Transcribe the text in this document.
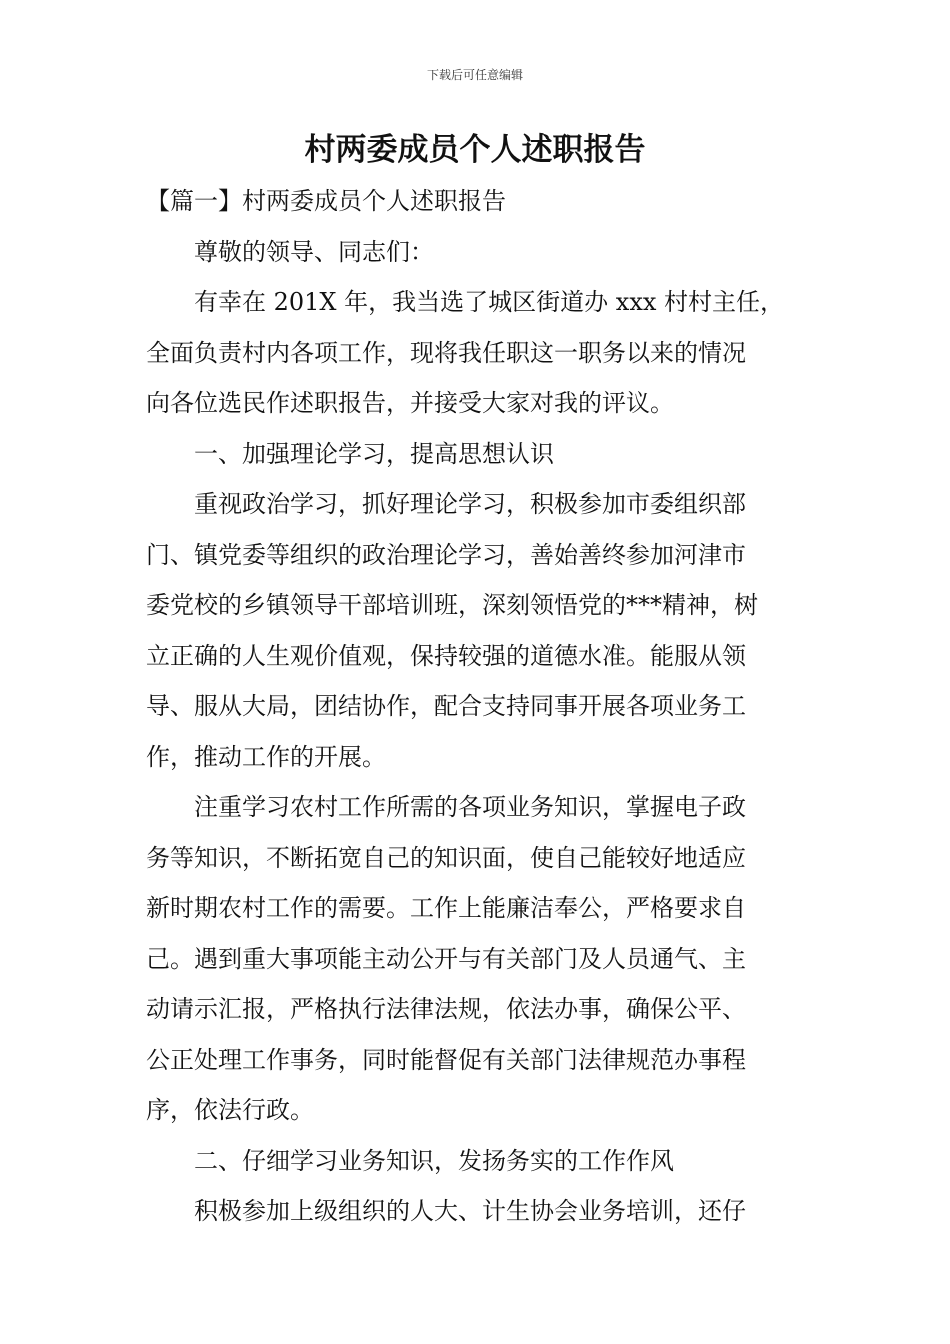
下载后可任意编辑
村两委成员个人述职报告
【篇一】村两委成员个人述职报告
尊敬的领导、同志们：
有幸在 201X 年，我当选了城区街道办 xxx 村村主任，
全面负责村内各项工作，现将我任职这一职务以来的情况
向各位选民作述职报告，并接受大家对我的评议。
一、加强理论学习，提高思想认识
重视政治学习，抓好理论学习，积极参加市委组织部
门、镇党委等组织的政治理论学习，善始善终参加河津市
委党校的乡镇领导干部培训班，深刻领悟党的***精神，树
立正确的人生观价值观，保持较强的道德水准。能服从领
导、服从大局，团结协作，配合支持同事开展各项业务工
作，推动工作的开展。
注重学习农村工作所需的各项业务知识，掌握电子政
务等知识，不断拓宽自己的知识面，使自己能较好地适应
新时期农村工作的需要。工作上能廉洁奉公，严格要求自
己。遇到重大事项能主动公开与有关部门及人员通气、主
动请示汇报，严格执行法律法规，依法办事，确保公平、
公正处理工作事务，同时能督促有关部门法律规范办事程
序，依法行政。
二、仔细学习业务知识，发扬务实的工作作风
积极参加上级组织的人大、计生协会业务培训，还仔
